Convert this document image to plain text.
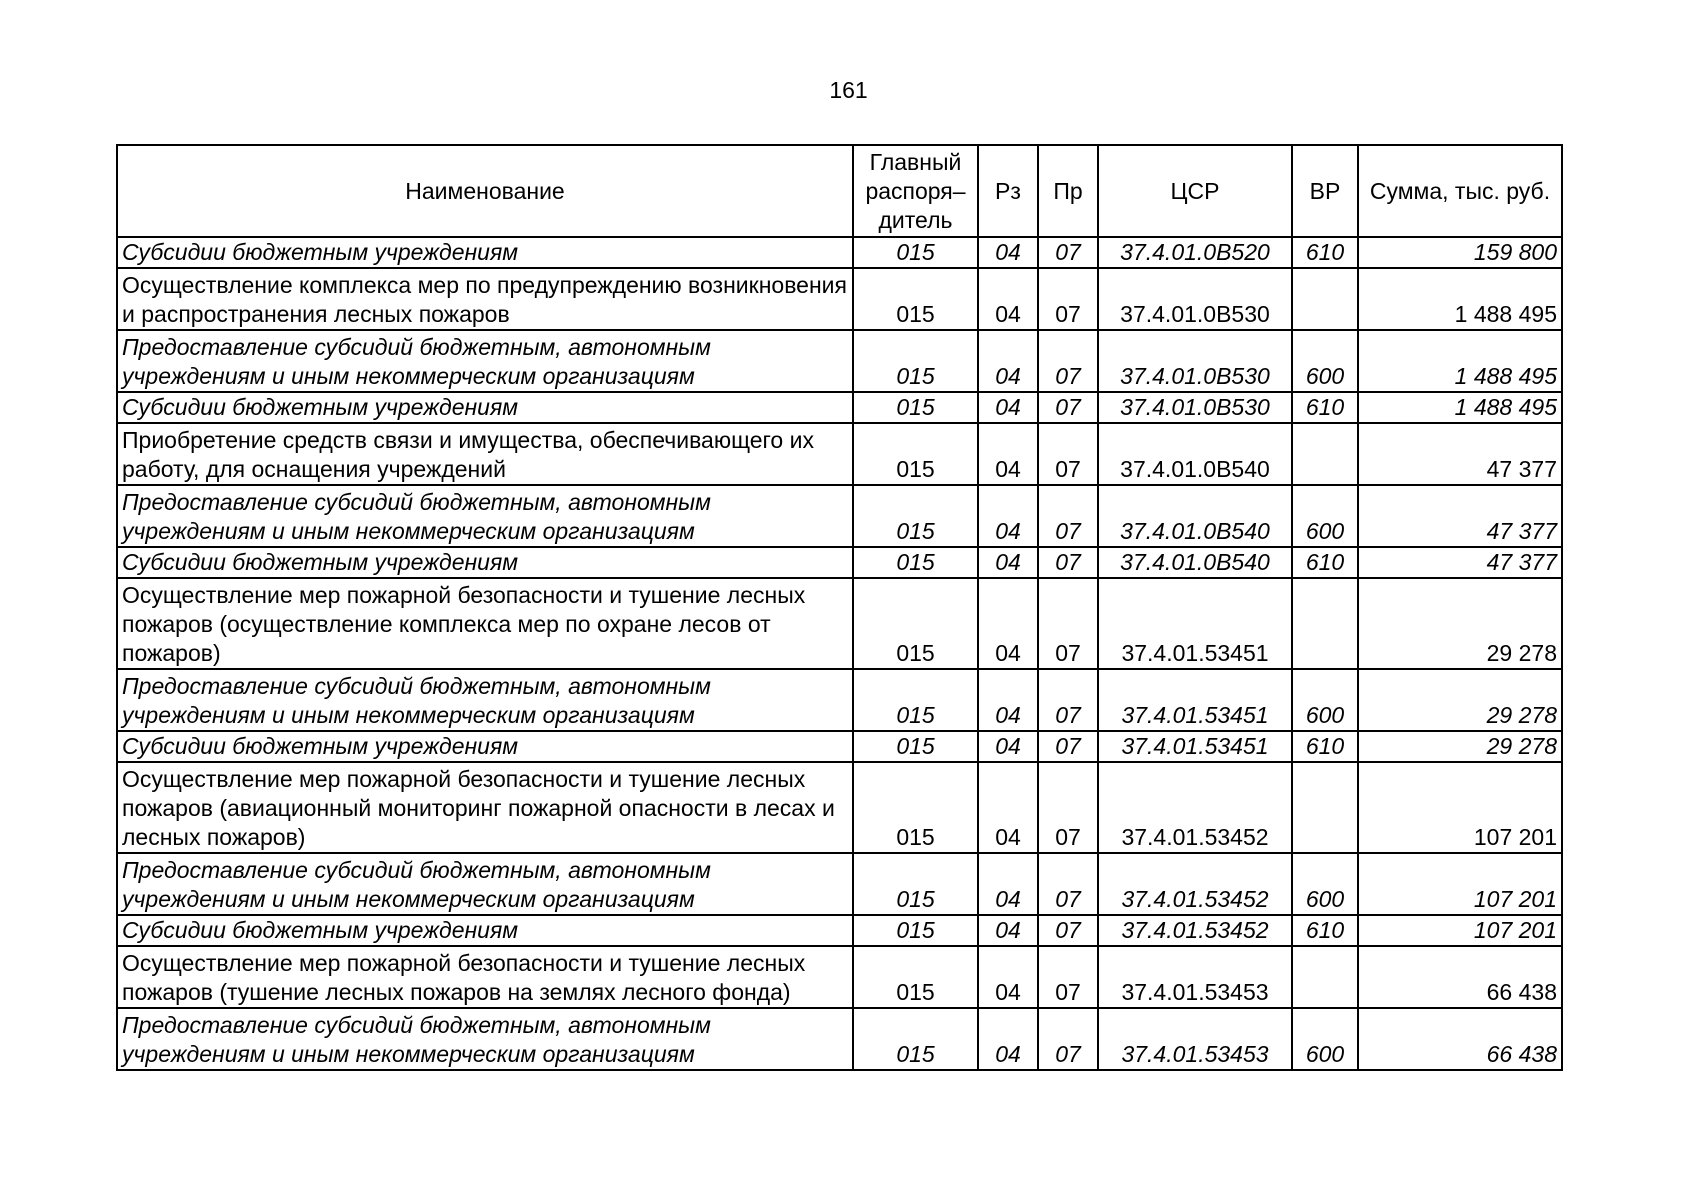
161
Наименование	Главный распоря–дитель	Рз	Пр	ЦСР	ВР	Сумма, тыс. руб.
Субсидии бюджетным учреждениям	015	04	07	37.4.01.0В520	610	159 800
Осуществление комплекса мер по предупреждению возникновения и распространения лесных пожаров	015	04	07	37.4.01.0В530		1 488 495
Предоставление субсидий бюджетным, автономным учреждениям и иным некоммерческим организациям	015	04	07	37.4.01.0В530	600	1 488 495
Субсидии бюджетным учреждениям	015	04	07	37.4.01.0В530	610	1 488 495
Приобретение средств связи и имущества, обеспечивающего их работу, для оснащения учреждений	015	04	07	37.4.01.0В540		47 377
Предоставление субсидий бюджетным, автономным учреждениям и иным некоммерческим организациям	015	04	07	37.4.01.0В540	600	47 377
Субсидии бюджетным учреждениям	015	04	07	37.4.01.0В540	610	47 377
Осуществление мер пожарной безопасности и тушение лесных пожаров (осуществление комплекса мер по охране лесов от пожаров)	015	04	07	37.4.01.53451		29 278
Предоставление субсидий бюджетным, автономным учреждениям и иным некоммерческим организациям	015	04	07	37.4.01.53451	600	29 278
Субсидии бюджетным учреждениям	015	04	07	37.4.01.53451	610	29 278
Осуществление мер пожарной безопасности и тушение лесных пожаров (авиационный мониторинг пожарной опасности в лесах и лесных пожаров)	015	04	07	37.4.01.53452		107 201
Предоставление субсидий бюджетным, автономным учреждениям и иным некоммерческим организациям	015	04	07	37.4.01.53452	600	107 201
Субсидии бюджетным учреждениям	015	04	07	37.4.01.53452	610	107 201
Осуществление мер пожарной безопасности и тушение лесных пожаров (тушение лесных пожаров на землях лесного фонда)	015	04	07	37.4.01.53453		66 438
Предоставление субсидий бюджетным, автономным учреждениям и иным некоммерческим организациям	015	04	07	37.4.01.53453	600	66 438
